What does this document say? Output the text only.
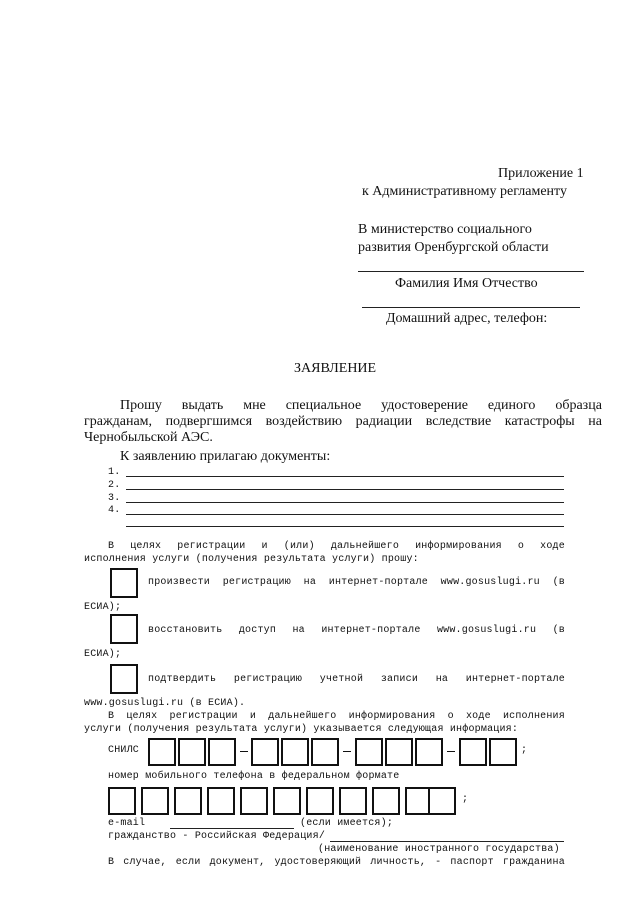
Приложение 1
к Административному регламенту
В министерство социального
развития Оренбургской области
Фамилия Имя Отчество
Домашний адрес, телефон:
ЗАЯВЛЕНИЕ
Прошу выдать мне специальное удостоверение единого образца
гражданам, подвергшимся воздействию радиации вследствие катастрофы на
Чернобыльской АЭС.
К заявлению прилагаю документы:
1.
2.
3.
4.
В целях регистрации и (или) дальнейшего информирования о ходе
исполнения услуги (получения результата услуги) прошу:
произвести регистрацию на интернет-портале www.gosuslugi.ru (в
ЕСИА);
восстановить доступ на интернет-портале www.gosuslugi.ru (в
ЕСИА);
подтвердить регистрацию учетной записи на интернет-портале
www.gosuslugi.ru (в ЕСИА).
В целях регистрации и дальнейшего информирования о ходе исполнения
услуги (получения результата услуги) указывается следующая информация:
СНИЛС	;
номер мобильного телефона в федеральном формате
;
e-mail	(если имеется);
гражданство - Российская Федерация/
(наименование иностранного государства)
В случае, если документ, удостоверяющий личность, - паспорт гражданина
